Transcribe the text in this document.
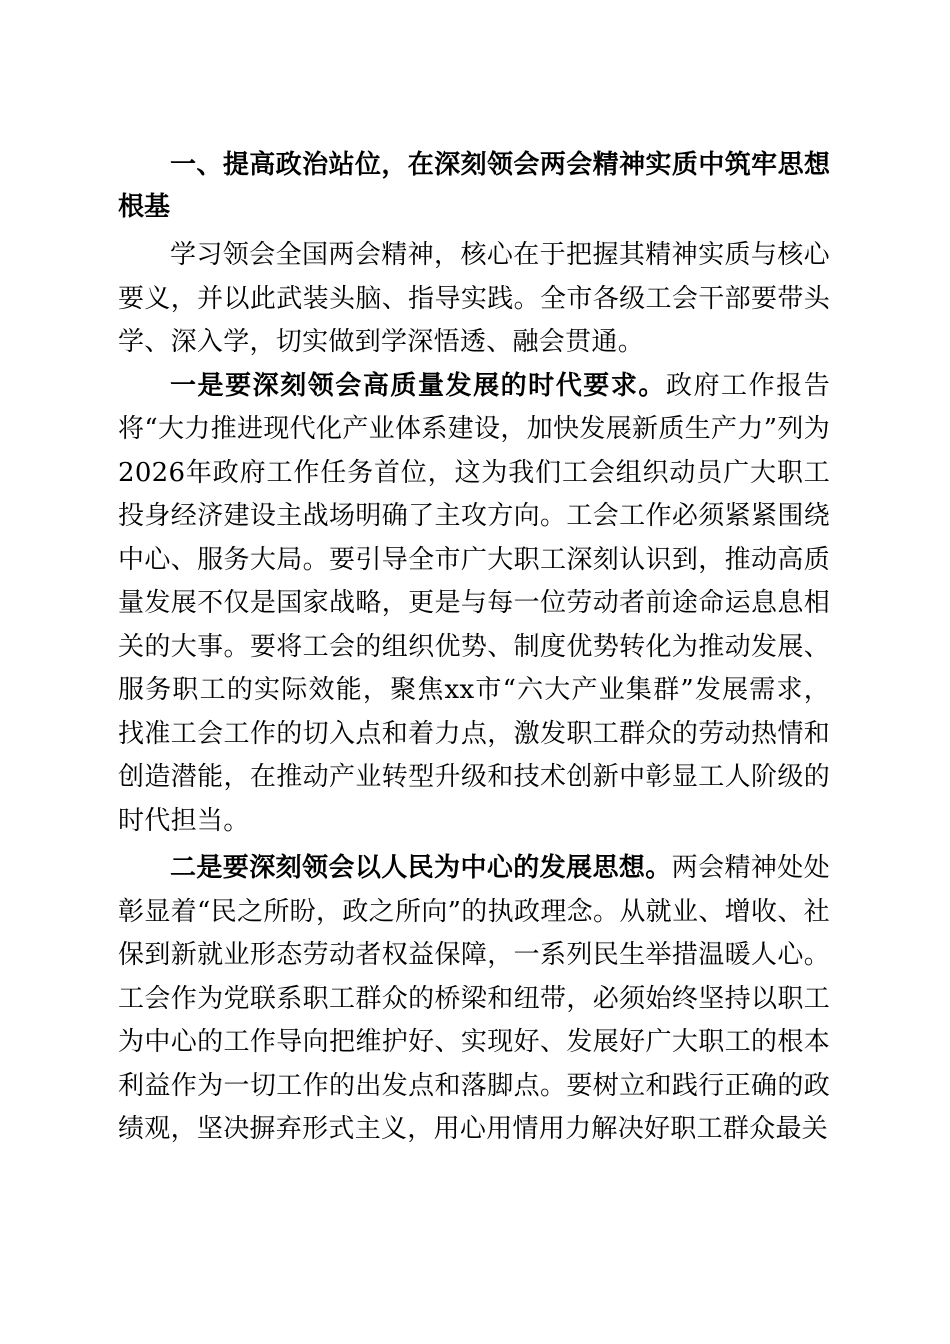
一、提高政治站位，在深刻领会两会精神实质中筑牢思想根基

学习领会全国两会精神，核心在于把握其精神实质与核心要义，并以此武装头脑、指导实践。全市各级工会干部要带头学、深入学，切实做到学深悟透、融会贯通。

一是要深刻领会高质量发展的时代要求。政府工作报告将“大力推进现代化产业体系建设，加快发展新质生产力”列为2026年政府工作任务首位，这为我们工会组织动员广大职工投身经济建设主战场明确了主攻方向。工会工作必须紧紧围绕中心、服务大局。要引导全市广大职工深刻认识到，推动高质量发展不仅是国家战略，更是与每一位劳动者前途命运息息相关的大事。要将工会的组织优势、制度优势转化为推动发展、服务职工的实际效能，聚焦xx市“六大产业集群”发展需求，找准工会工作的切入点和着力点，激发职工群众的劳动热情和创造潜能，在推动产业转型升级和技术创新中彰显工人阶级的时代担当。

二是要深刻领会以人民为中心的发展思想。两会精神处处彰显着“民之所盼，政之所向”的执政理念。从就业、增收、社保到新就业形态劳动者权益保障，一系列民生举措温暖人心。工会作为党联系职工群众的桥梁和纽带，必须始终坚持以职工为中心的工作导向把维护好、实现好、发展好广大职工的根本利益作为一切工作的出发点和落脚点。要树立和践行正确的政绩观，坚决摒弃形式主义，用心用情用力解决好职工群众最关
